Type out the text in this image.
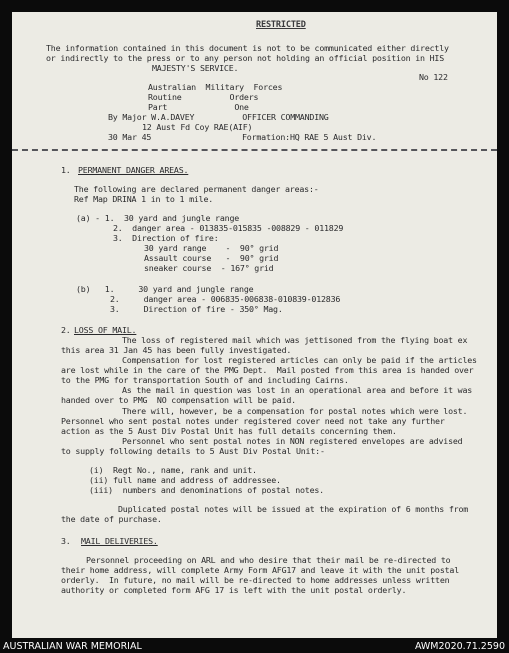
RESTRICTED
The information contained in this document is not to be communicated either directly
or indirectly to the press or to any person not holding an official position in HIS
MAJESTY'S SERVICE.
No 122
Australian  Military  Forces
Routine          Orders
Part              One
By Major W.A.DAVEY          OFFICER COMMANDING
12 Aust Fd Coy RAE(AIF)
30 Mar 45	Formation:HQ RAE 5 Aust Div.
1. PERMANENT DANGER AREAS.
The following are declared permanent danger areas:-
Ref Map DRINA 1 in to 1 mile.
(a) - 1.  30 yard and jungle range
2.  danger area - 013835-015835 -008829 - 011829
3.  Direction of fire:
30 yard range    -  90° grid
Assault course   -  90° grid
sneaker course  - 167° grid
(b)   1.     30 yard and jungle range
2.     danger area - 006835-006838-010839-012836
3.     Direction of fire - 350° Mag.
2. LOSS OF MAIL.
The loss of registered mail which was jettisoned from the flying boat ex
this area 31 Jan 45 has been fully investigated.
Compensation for lost registered articles can only be paid if the articles
are lost while in the care of the PMG Dept.  Mail posted from this area is handed over
to the PMG for transportation South of and including Cairns.
As the mail in question was lost in an operational area and before it was
handed over to PMG  NO compensation will be paid.
There will, however, be a compensation for postal notes which were lost.
Personnel who sent postal notes under registered cover need not take any further
action as the 5 Aust Div Postal Unit has full details concerning them.
Personnel who sent postal notes in NON registered envelopes are advised
to supply following details to 5 Aust Div Postal Unit:-
(i)  Regt No., name, rank and unit.
(ii) full name and address of addressee.
(iii)  numbers and denominations of postal notes.
Duplicated postal notes will be issued at the expiration of 6 months from
the date of purchase.
3. MAIL DELIVERIES.
Personnel proceeding on ARL and who desire that their mail be re-directed to
their home address, will complete Army Form AFG17 and leave it with the unit postal
orderly.  In future, no mail will be re-directed to home addresses unless written
authority or completed form AFG 17 is left with the unit postal orderly.
AUSTRALIAN WAR MEMORIAL	AWM2020.71.2590
